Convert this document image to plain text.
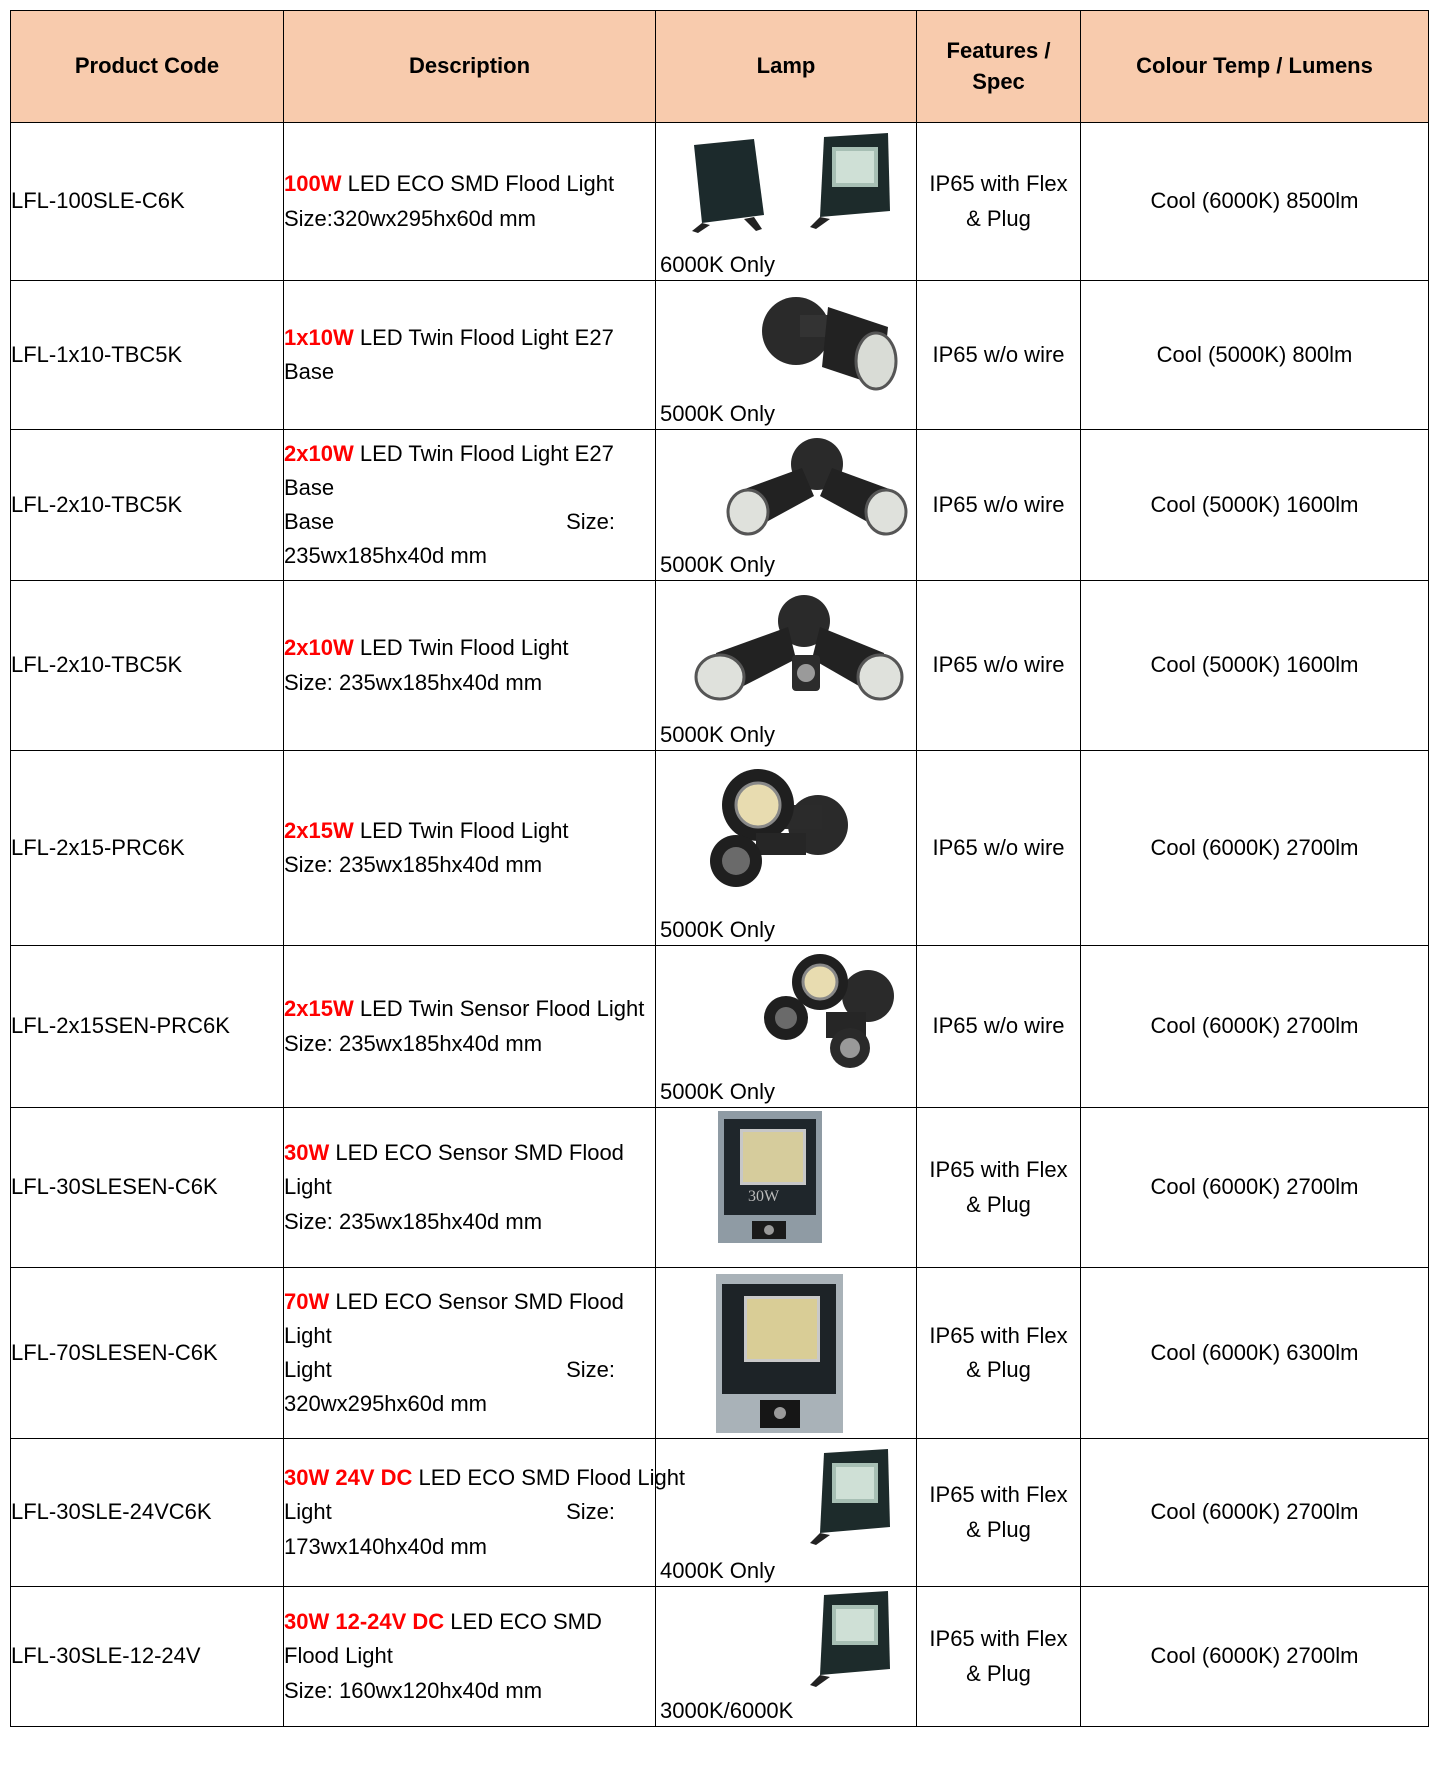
Product Code	Description	Lamp	Features / Spec	Colour Temp / Lumens
LFL-100SLE-C6K	100W LED ECO SMD Flood Light
Size:320wx295hx60d mm	6000K Only	IP65 with Flex & Plug	Cool (6000K) 8500lm
LFL-1x10-TBC5K	1x10W LED Twin Flood Light E27 Base	5000K Only	IP65 w/o wire	Cool (5000K) 800lm
LFL-2x10-TBC5K	2x10W LED Twin Flood Light E27 Base
Base Size:
235wx185hx40d mm	5000K Only	IP65 w/o wire	Cool (5000K) 1600lm
LFL-2x10-TBC5K	2x10W LED Twin Flood Light
Size: 235wx185hx40d mm	5000K Only	IP65 w/o wire	Cool (5000K) 1600lm
LFL-2x15-PRC6K	2x15W LED Twin Flood Light
Size: 235wx185hx40d mm	5000K Only	IP65 w/o wire	Cool (6000K) 2700lm
LFL-2x15SEN-PRC6K	2x15W LED Twin Sensor Flood Light
Size: 235wx185hx40d mm	5000K Only	IP65 w/o wire	Cool (6000K) 2700lm
LFL-30SLESEN-C6K	30W LED ECO Sensor SMD Flood Light
Size: 235wx185hx40d mm	30W	IP65 with Flex & Plug	Cool (6000K) 2700lm
LFL-70SLESEN-C6K	70W LED ECO Sensor SMD Flood Light
Light Size:
320wx295hx60d mm		IP65 with Flex & Plug	Cool (6000K) 6300lm
LFL-30SLE-24VC6K	30W 24V DC LED ECO SMD Flood Light
Light Size:
173wx140hx40d mm	4000K Only	IP65 with Flex & Plug	Cool (6000K) 2700lm
LFL-30SLE-12-24V	30W 12-24V DC LED ECO SMD Flood Light
Size: 160wx120hx40d mm	3000K/6000K	IP65 with Flex & Plug	Cool (6000K) 2700lm
